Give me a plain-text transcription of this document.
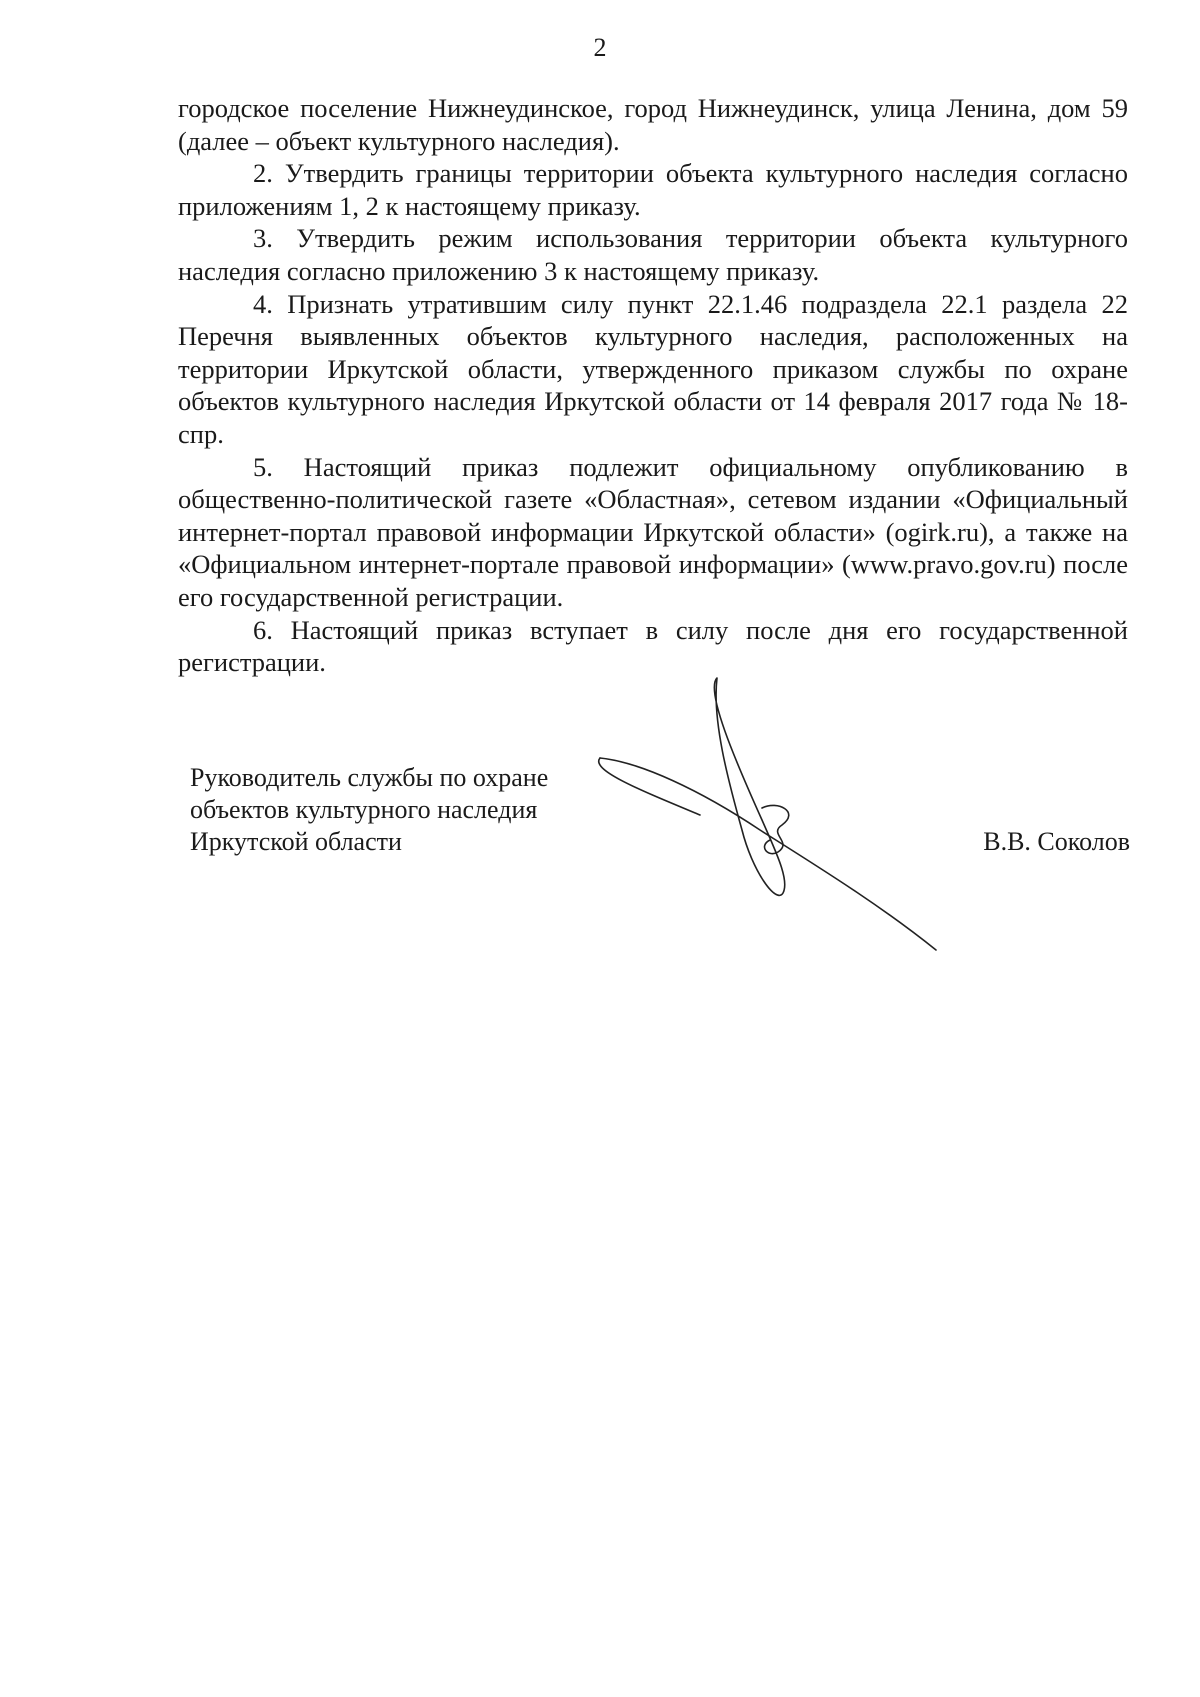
2

городское поселение Нижнеудинское, город Нижнеудинск, улица Ленина, дом 59 (далее – объект культурного наследия).

2. Утвердить границы территории объекта культурного наследия согласно приложениям 1, 2 к настоящему приказу.

3. Утвердить режим использования территории объекта культурного наследия согласно приложению 3 к настоящему приказу.

4. Признать утратившим силу пункт 22.1.46 подраздела 22.1 раздела 22 Перечня выявленных объектов культурного наследия, расположенных на территории Иркутской области, утвержденного приказом службы по охране объектов культурного наследия Иркутской области от 14 февраля 2017 года № 18-спр.

5. Настоящий приказ подлежит официальному опубликованию в общественно-политической газете «Областная», сетевом издании «Официальный интернет-портал правовой информации Иркутской области» (ogirk.ru), а также на «Официальном интернет-портале правовой информации» (www.pravo.gov.ru) после его государственной регистрации.

6. Настоящий приказ вступает в силу после дня его государственной регистрации.

Руководитель службы по охране
объектов культурного наследия
Иркутской области	В.В. Соколов
